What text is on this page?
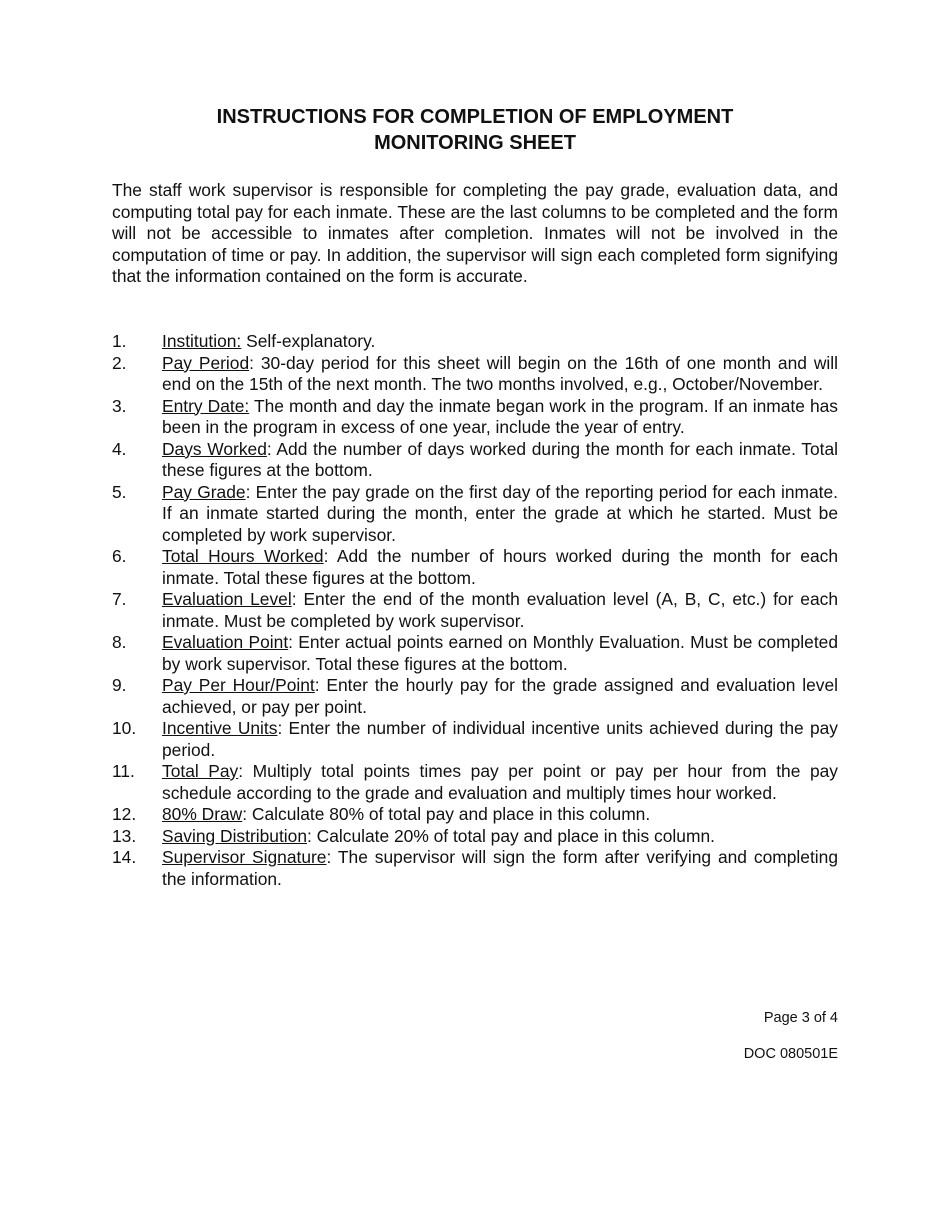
INSTRUCTIONS FOR COMPLETION OF EMPLOYMENT
MONITORING SHEET

The staff work supervisor is responsible for completing the pay grade, evaluation data, and computing total pay for each inmate. These are the last columns to be completed and the form will not be accessible to inmates after completion. Inmates will not be involved in the computation of time or pay. In addition, the supervisor will sign each completed form signifying that the information contained on the form is accurate.

1. Institution: Self-explanatory.
2. Pay Period: 30-day period for this sheet will begin on the 16th of one month and will end on the 15th of the next month. The two months involved, e.g., October/November.
3. Entry Date: The month and day the inmate began work in the program. If an inmate has been in the program in excess of one year, include the year of entry.
4. Days Worked: Add the number of days worked during the month for each inmate. Total these figures at the bottom.
5. Pay Grade: Enter the pay grade on the first day of the reporting period for each inmate. If an inmate started during the month, enter the grade at which he started. Must be completed by work supervisor.
6. Total Hours Worked: Add the number of hours worked during the month for each inmate. Total these figures at the bottom.
7. Evaluation Level: Enter the end of the month evaluation level (A, B, C, etc.) for each inmate. Must be completed by work supervisor.
8. Evaluation Point: Enter actual points earned on Monthly Evaluation. Must be completed by work supervisor. Total these figures at the bottom.
9. Pay Per Hour/Point: Enter the hourly pay for the grade assigned and evaluation level achieved, or pay per point.
10. Incentive Units: Enter the number of individual incentive units achieved during the pay period.
11. Total Pay: Multiply total points times pay per point or pay per hour from the pay schedule according to the grade and evaluation and multiply times hour worked.
12. 80% Draw: Calculate 80% of total pay and place in this column.
13. Saving Distribution: Calculate 20% of total pay and place in this column.
14. Supervisor Signature: The supervisor will sign the form after verifying and completing the information.

Page 3 of 4

DOC 080501E
